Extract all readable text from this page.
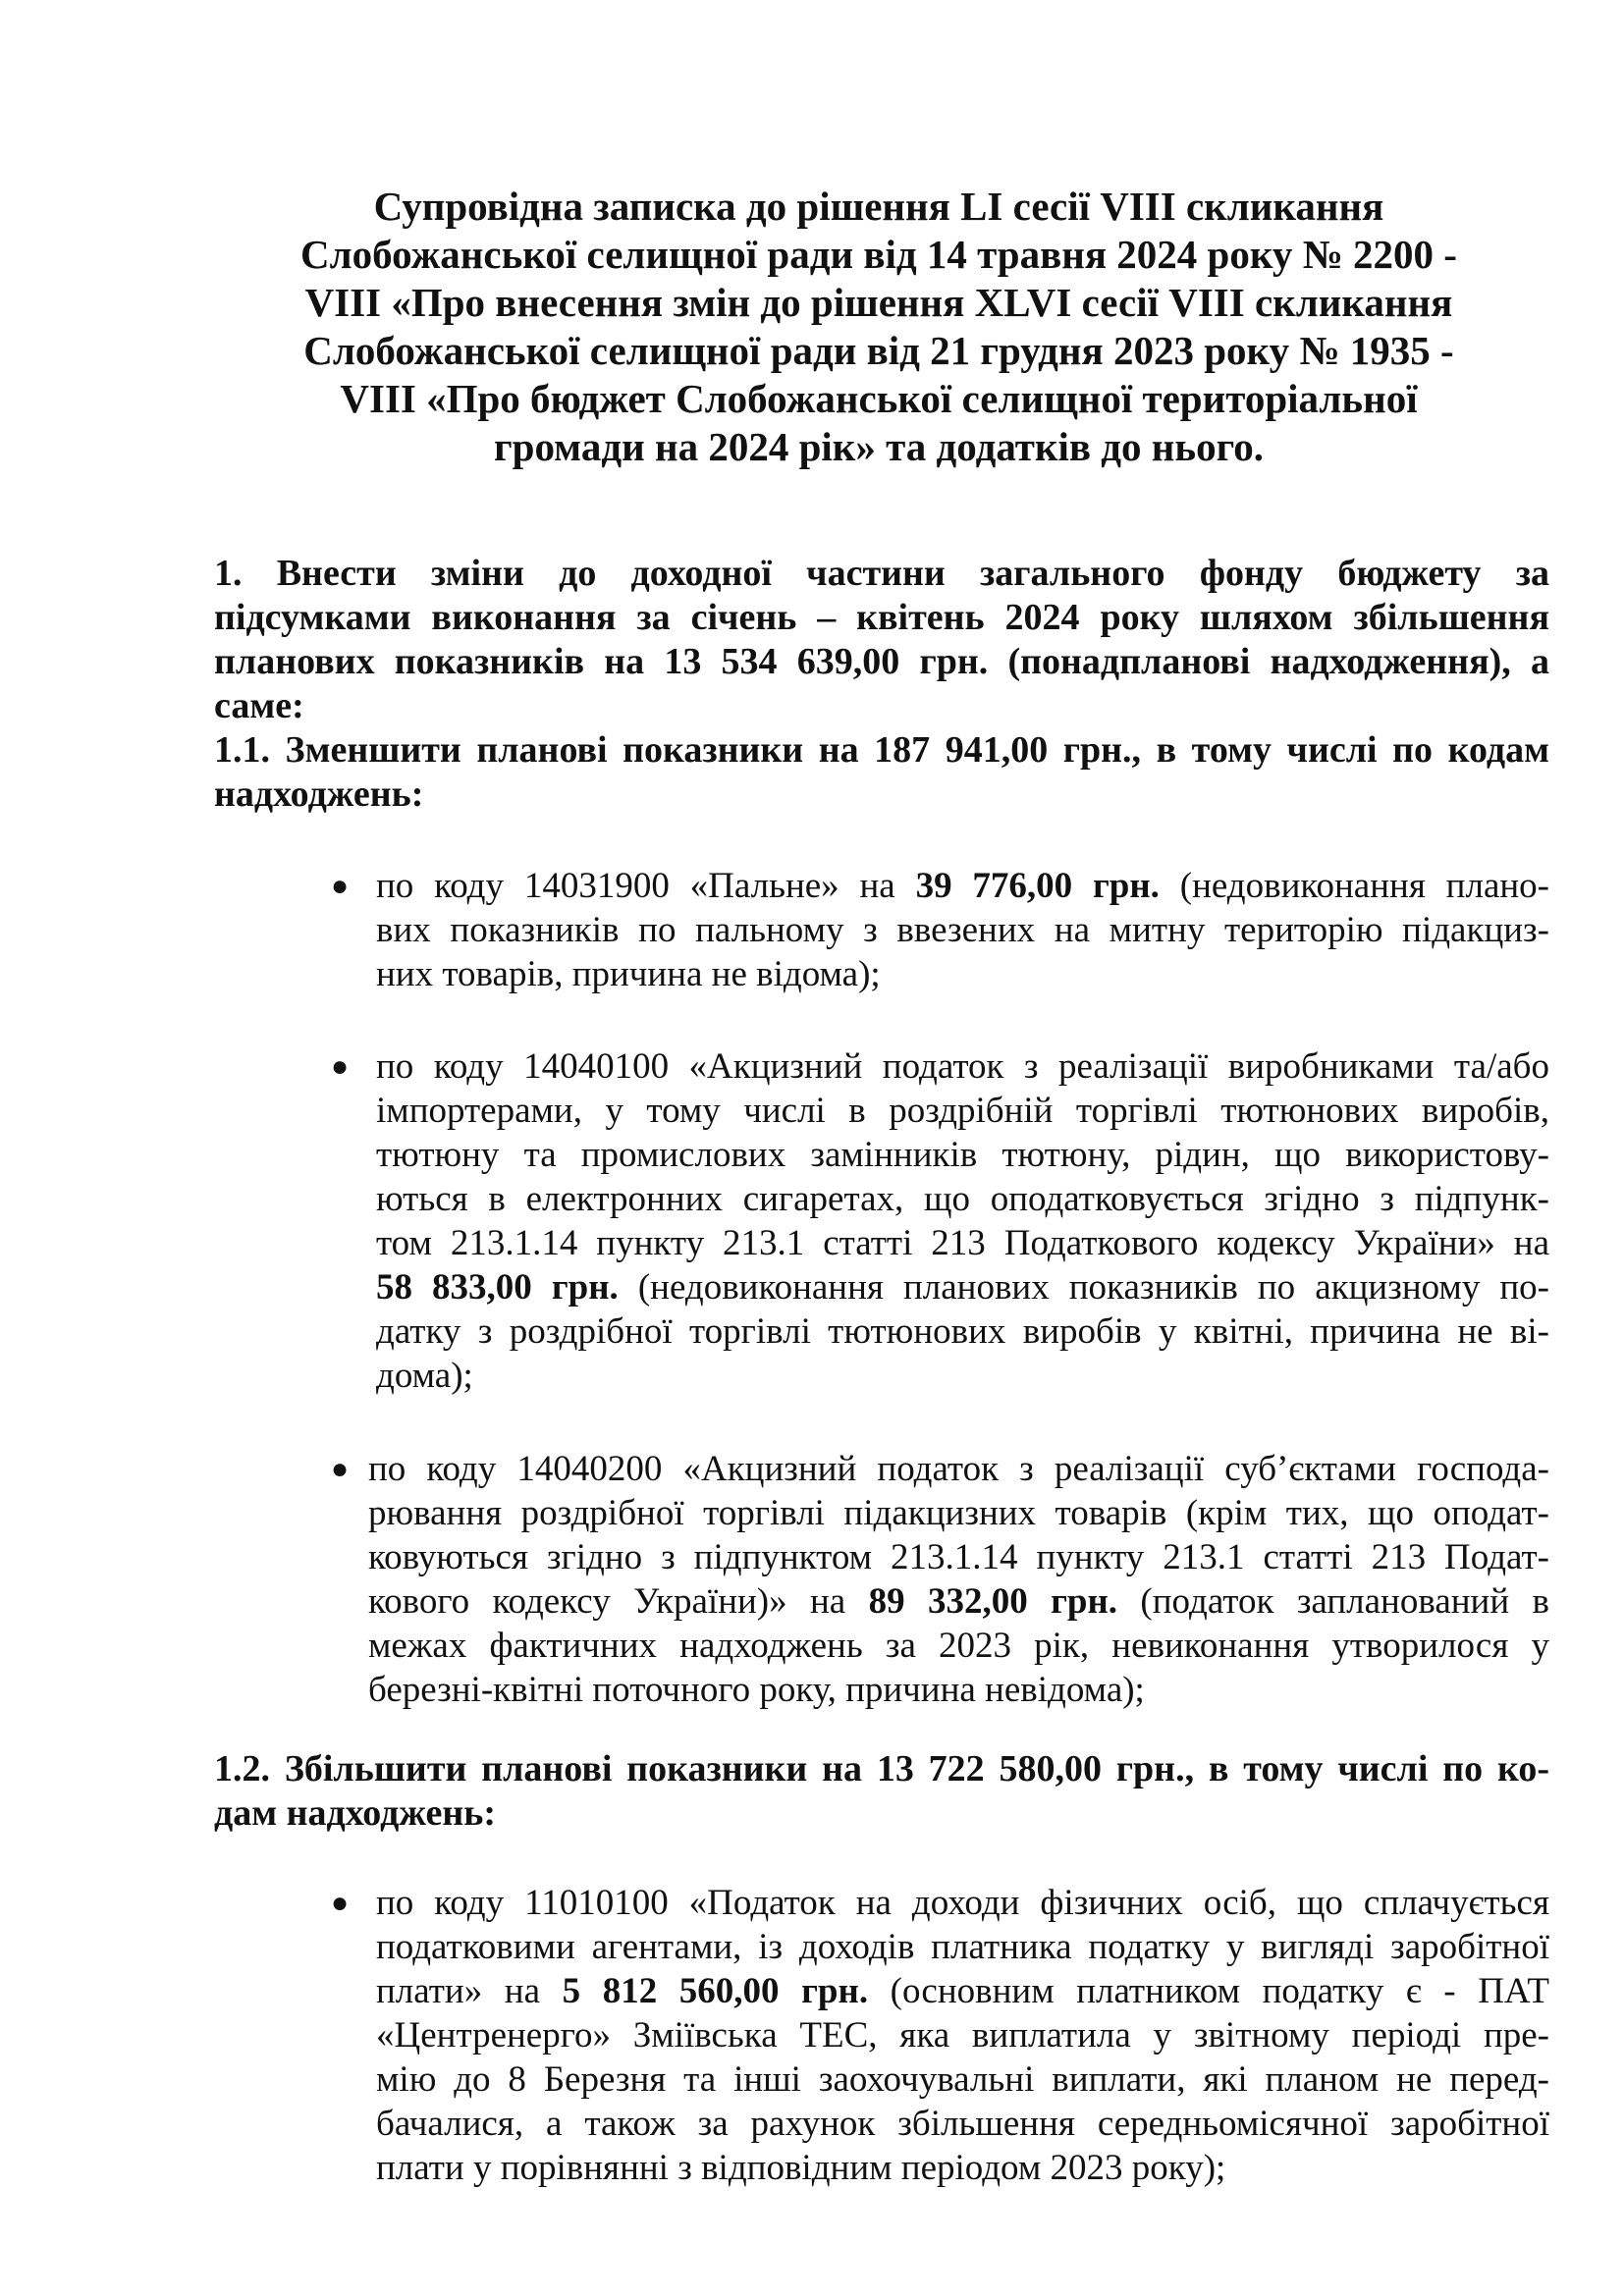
Супровідна записка до рішення LI сесії VIII скликання
Слобожанської селищної ради від 14 травня 2024 року № 2200 -
VIII «Про внесення змін до рішення XLVI сесії VIII скликання
Слобожанської селищної ради від 21 грудня 2023 року № 1935 -
VIII «Про бюджет Слобожанської селищної територіальної
громади на 2024 рік» та додатків до нього.
1. Внести зміни до доходної частини загального фонду бюджету за
підсумками виконання за січень – квітень 2024 року шляхом збільшення
планових показників на 13 534 639,00 грн. (понадпланові надходження), а
саме:
1.1. Зменшити планові показники на 187 941,00 грн., в тому числі по кодам
надходжень:
● по коду 14031900 «Пальне» на 39 776,00 грн. (недовиконання плано-
вих показників по пальному з ввезених на митну територію підакциз-
них товарів, причина не відома);
● по коду 14040100 «Акцизний податок з реалізації виробниками та/або
імпортерами, у тому числі в роздрібній торгівлі тютюнових виробів,
тютюну та промислових замінників тютюну, рідин, що використову-
ються в електронних сигаретах, що оподатковується згідно з підпунк-
том 213.1.14 пункту 213.1 статті 213 Податкового кодексу України» на
58 833,00 грн. (недовиконання планових показників по акцизному по-
датку з роздрібної торгівлі тютюнових виробів у квітні, причина не ві-
дома);
● по коду 14040200 «Акцизний податок з реалізації суб’єктами господа-
рювання роздрібної торгівлі підакцизних товарів (крім тих, що оподат-
ковуються згідно з підпунктом 213.1.14 пункту 213.1 статті 213 Подат-
кового кодексу України)» на 89 332,00 грн. (податок запланований в
межах фактичних надходжень за 2023 рік, невиконання утворилося у
березні-квітні поточного року, причина невідома);
1.2. Збільшити планові показники на 13 722 580,00 грн., в тому числі по ко-
дам надходжень:
● по коду 11010100 «Податок на доходи фізичних осіб, що сплачується
податковими агентами, із доходів платника податку у вигляді заробітної
плати» на 5 812 560,00 грн. (основним платником податку є - ПАТ
«Центренерго» Зміївська ТЕС, яка виплатила у звітному періоді пре-
мію до 8 Березня та інші заохочувальні виплати, які планом не перед-
бачалися, а також за рахунок збільшення середньомісячної заробітної
плати у порівнянні з відповідним періодом 2023 року);
